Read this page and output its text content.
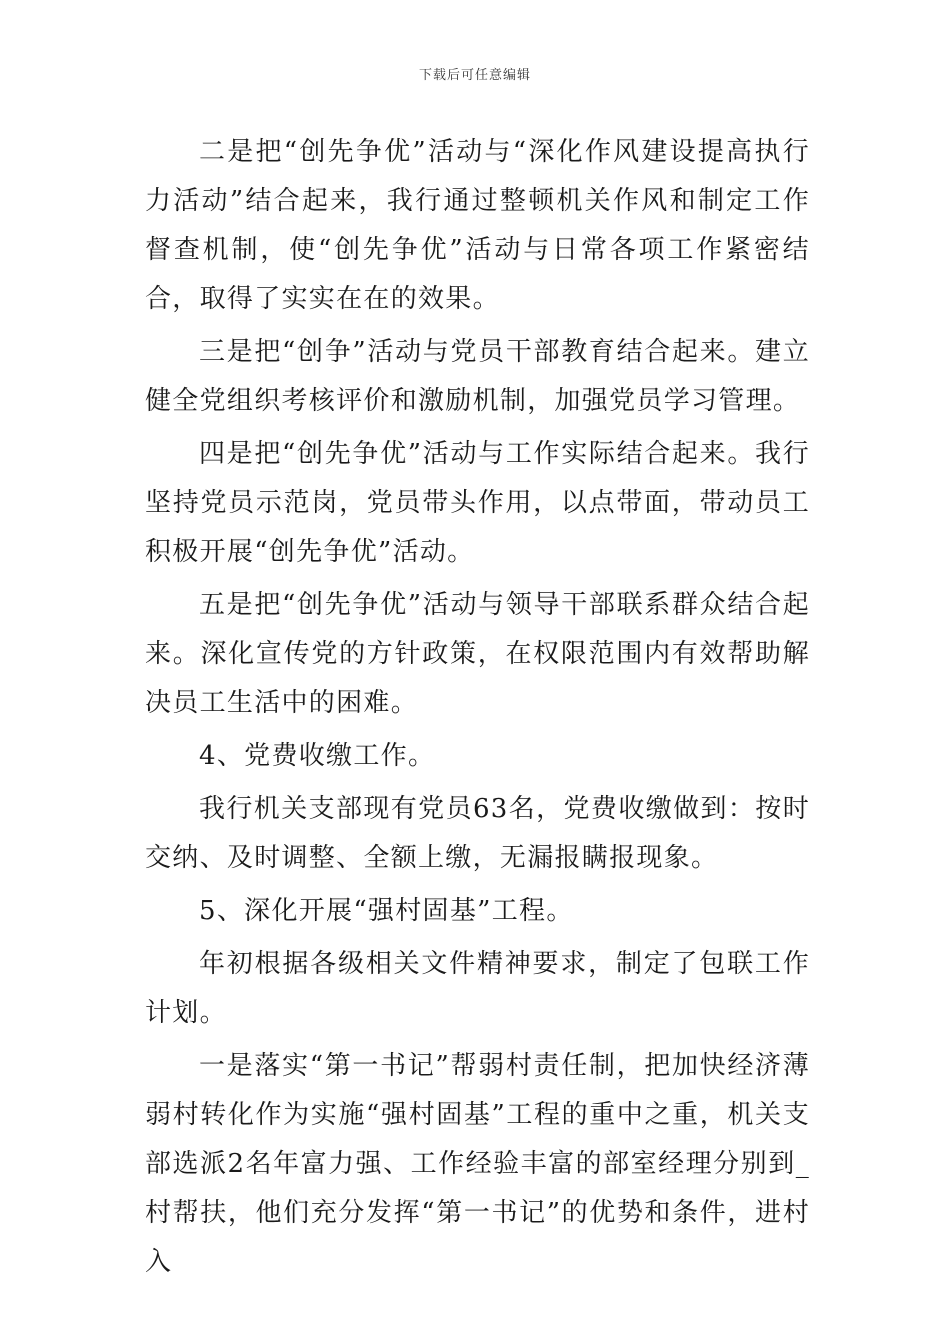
下载后可任意编辑

二是把“创先争优”活动与“深化作风建设提高执行力活动”结合起来，我行通过整顿机关作风和制定工作督查机制，使“创先争优”活动与日常各项工作紧密结合，取得了实实在在的效果。

三是把“创争”活动与党员干部教育结合起来。建立健全党组织考核评价和激励机制，加强党员学习管理。

四是把“创先争优”活动与工作实际结合起来。我行坚持党员示范岗，党员带头作用，以点带面，带动员工积极开展“创先争优”活动。

五是把“创先争优”活动与领导干部联系群众结合起来。深化宣传党的方针政策，在权限范围内有效帮助解决员工生活中的困难。

4、党费收缴工作。

我行机关支部现有党员63名，党费收缴做到：按时交纳、及时调整、全额上缴，无漏报瞒报现象。

5、深化开展“强村固基”工程。

年初根据各级相关文件精神要求，制定了包联工作计划。

一是落实“第一书记”帮弱村责任制，把加快经济薄弱村转化作为实施“强村固基”工程的重中之重，机关支部选派2名年富力强、工作经验丰富的部室经理分别到_村帮扶，他们充分发挥“第一书记”的优势和条件，进村入
